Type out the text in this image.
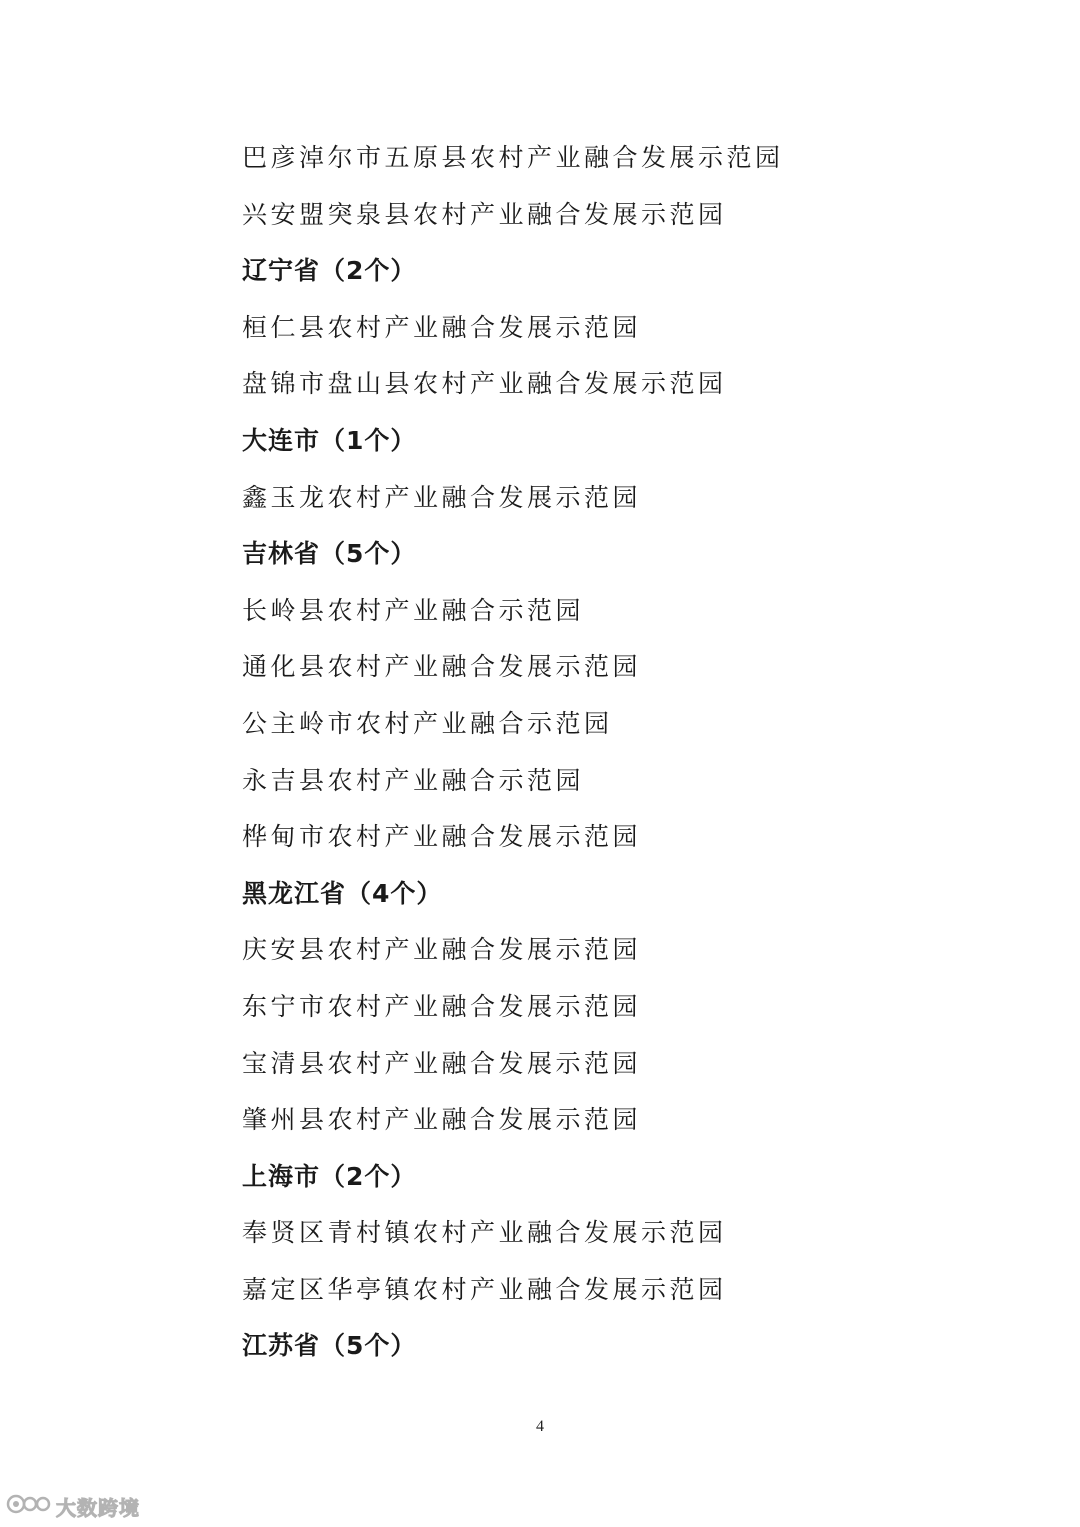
巴彦淖尔市五原县农村产业融合发展示范园
兴安盟突泉县农村产业融合发展示范园
辽宁省（2个）
桓仁县农村产业融合发展示范园
盘锦市盘山县农村产业融合发展示范园
大连市（1个）
鑫玉龙农村产业融合发展示范园
吉林省（5个）
长岭县农村产业融合示范园
通化县农村产业融合发展示范园
公主岭市农村产业融合示范园
永吉县农村产业融合示范园
桦甸市农村产业融合发展示范园
黑龙江省（4个）
庆安县农村产业融合发展示范园
东宁市农村产业融合发展示范园
宝清县农村产业融合发展示范园
肇州县农村产业融合发展示范园
上海市（2个）
奉贤区青村镇农村产业融合发展示范园
嘉定区华亭镇农村产业融合发展示范园
江苏省（5个）
4
大数跨境
